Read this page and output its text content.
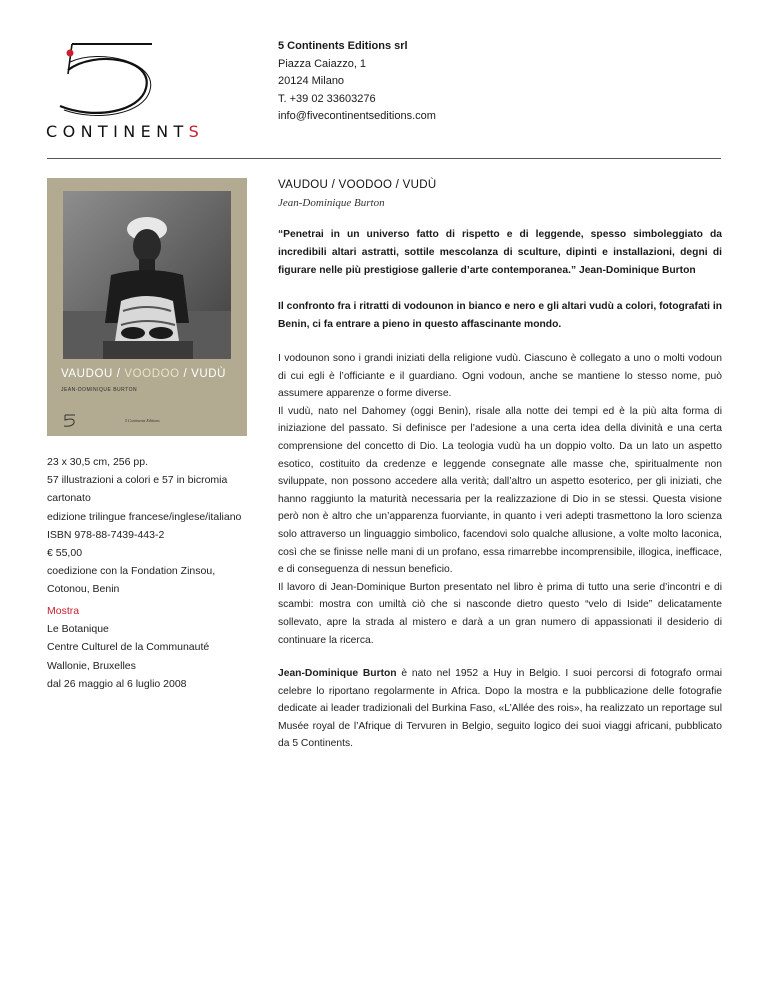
CONTINENTS
5 Continents Editions srl
Piazza Caiazzo, 1
20124 Milano
T. +39 02 33603276
info@fivecontinentseditions.com
VAUDOU / VOODOO / VUDÙ
JEAN-DOMINIQUE BURTON
5 Continents Editions
23 x 30,5 cm, 256 pp.
57 illustrazioni a colori e 57 in bicromia
cartonato
edizione trilingue francese/inglese/italiano
ISBN 978-88-7439-443-2
€ 55,00
coedizione con la Fondation Zinsou, Cotonou, Benin
Mostra
Le Botanique
Centre Culturel de la Communauté Wallonie, Bruxelles
dal 26 maggio al 6 luglio 2008
VAUDOU / VOODOO / VUDÙ
Jean-Dominique Burton
“Penetrai in un universo fatto di rispetto e di leggende, spesso simboleggiato da incredibili altari astratti, sottile mescolanza di sculture, dipinti e installazioni, degni di figurare nelle più prestigiose gallerie d’arte contemporanea.” Jean-Dominique Burton
Il confronto fra i ritratti di vodounon in bianco e nero e gli altari vudù a colori, fotografati in Benin, ci fa entrare a pieno in questo affascinante mondo.

I vodounon sono i grandi iniziati della religione vudù. Ciascuno è collegato a uno o molti vodoun di cui egli è l’officiante e il guardiano. Ogni vodoun, anche se mantiene lo stesso nome, può assumere apparenze o forme diverse.

Il vudù, nato nel Dahomey (oggi Benin), risale alla notte dei tempi ed è la più alta forma di iniziazione del passato. Si definisce per l’adesione a una certa idea della divinità e una certa comprensione del concetto di Dio. La teologia vudù ha un doppio volto. Da un lato un aspetto esotico, costituito da credenze e leggende consegnate alle masse che, spiritualmente non sviluppate, non possono accedere alla verità; dall’altro un aspetto esoterico, per gli iniziati, che hanno raggiunto la maturità necessaria per la realizzazione di Dio in se stessi. Questa visione però non è altro che un’apparenza fuorviante, in quanto i veri adepti trasmettono la loro scienza solo attraverso un linguaggio simbolico, facendovi solo qualche allusione, a volte molto laconica, così che se finisse nelle mani di un profano, essa rimarrebbe incomprensibile, illogica, inefficace, e di conseguenza di nessun beneficio.

Il lavoro di Jean-Dominique Burton presentato nel libro è prima di tutto una serie d’incontri e di scambi: mostra con umiltà ciò che si nasconde dietro questo “velo di Iside” delicatamente sollevato, apre la strada al mistero e darà a un gran numero di appassionati il desiderio di continuare la ricerca.

Jean-Dominique Burton è nato nel 1952 a Huy in Belgio. I suoi percorsi di fotografo ormai celebre lo riportano regolarmente in Africa. Dopo la mostra e la pubblicazione delle fotografie dedicate ai leader tradizionali del Burkina Faso, «L’Allée des rois», ha realizzato un reportage sul Musée royal de l’Afrique di Tervuren in Belgio, seguito logico dei suoi viaggi africani, pubblicato da 5 Continents.
